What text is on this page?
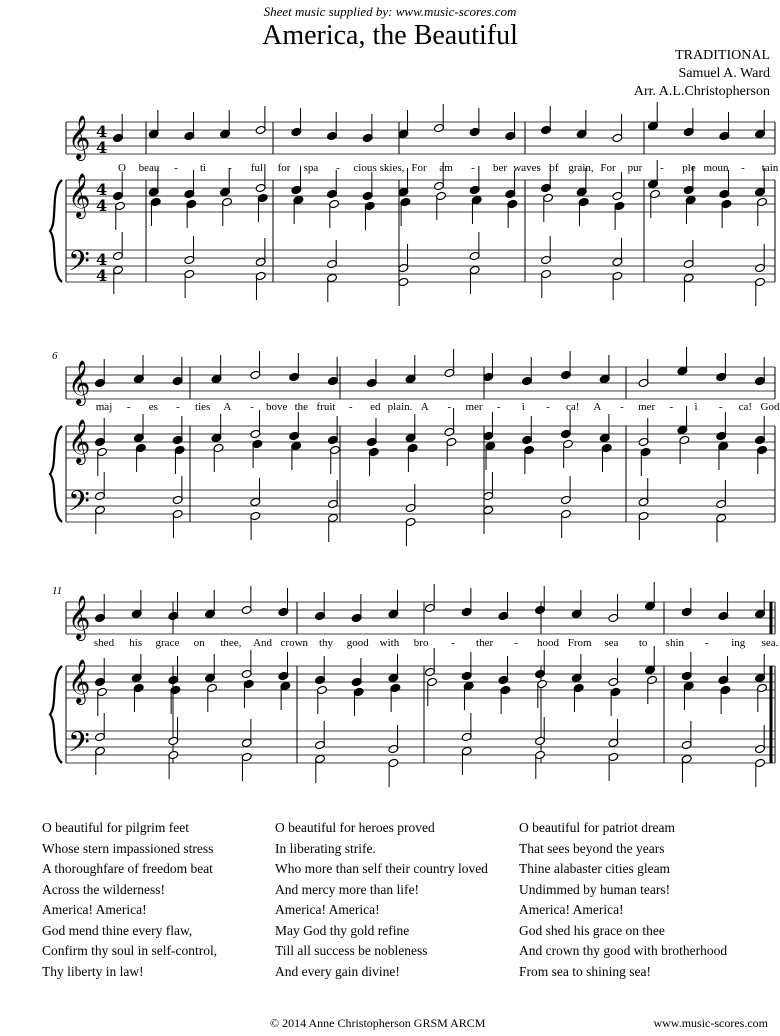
Sheet music supplied by: www.music-scores.com
America, the Beautiful
TRADITIONAL
Samuel A. Ward
Arr. A.L.Christopherson
𝄞
𝄞
𝄢
4
4
4
4
4
4
O beau - ti - ful for spa - cious skies, For am - ber waves of grain, For pur - ple moun - tain
𝄞
𝄞
𝄢
6
maj - es - ties A - bove the fruit - ed plain. A - mer - i - ca! A - mer - i - ca! God
𝄞
𝄞
𝄢
11
shed his grace on thee, And crown thy good with bro - ther - hood From sea to shin - ing sea.
O beautiful for pilgrim feet
Whose stern impassioned stress
A thoroughfare of freedom beat
Across the wilderness!
America! America!
God mend thine every flaw,
Confirm thy soul in self-control,
Thy liberty in law!
O beautiful for heroes proved
In liberating strife.
Who more than self their country loved
And mercy more than life!
America! America!
May God thy gold refine
Till all success be nobleness
And every gain divine!
O beautiful for patriot dream
That sees beyond the years
Thine alabaster cities gleam
Undimmed by human tears!
America! America!
God shed his grace on thee
And crown thy good with brotherhood
From sea to shining sea!
© 2014 Anne Christopherson GRSM ARCM	www.music-scores.com
